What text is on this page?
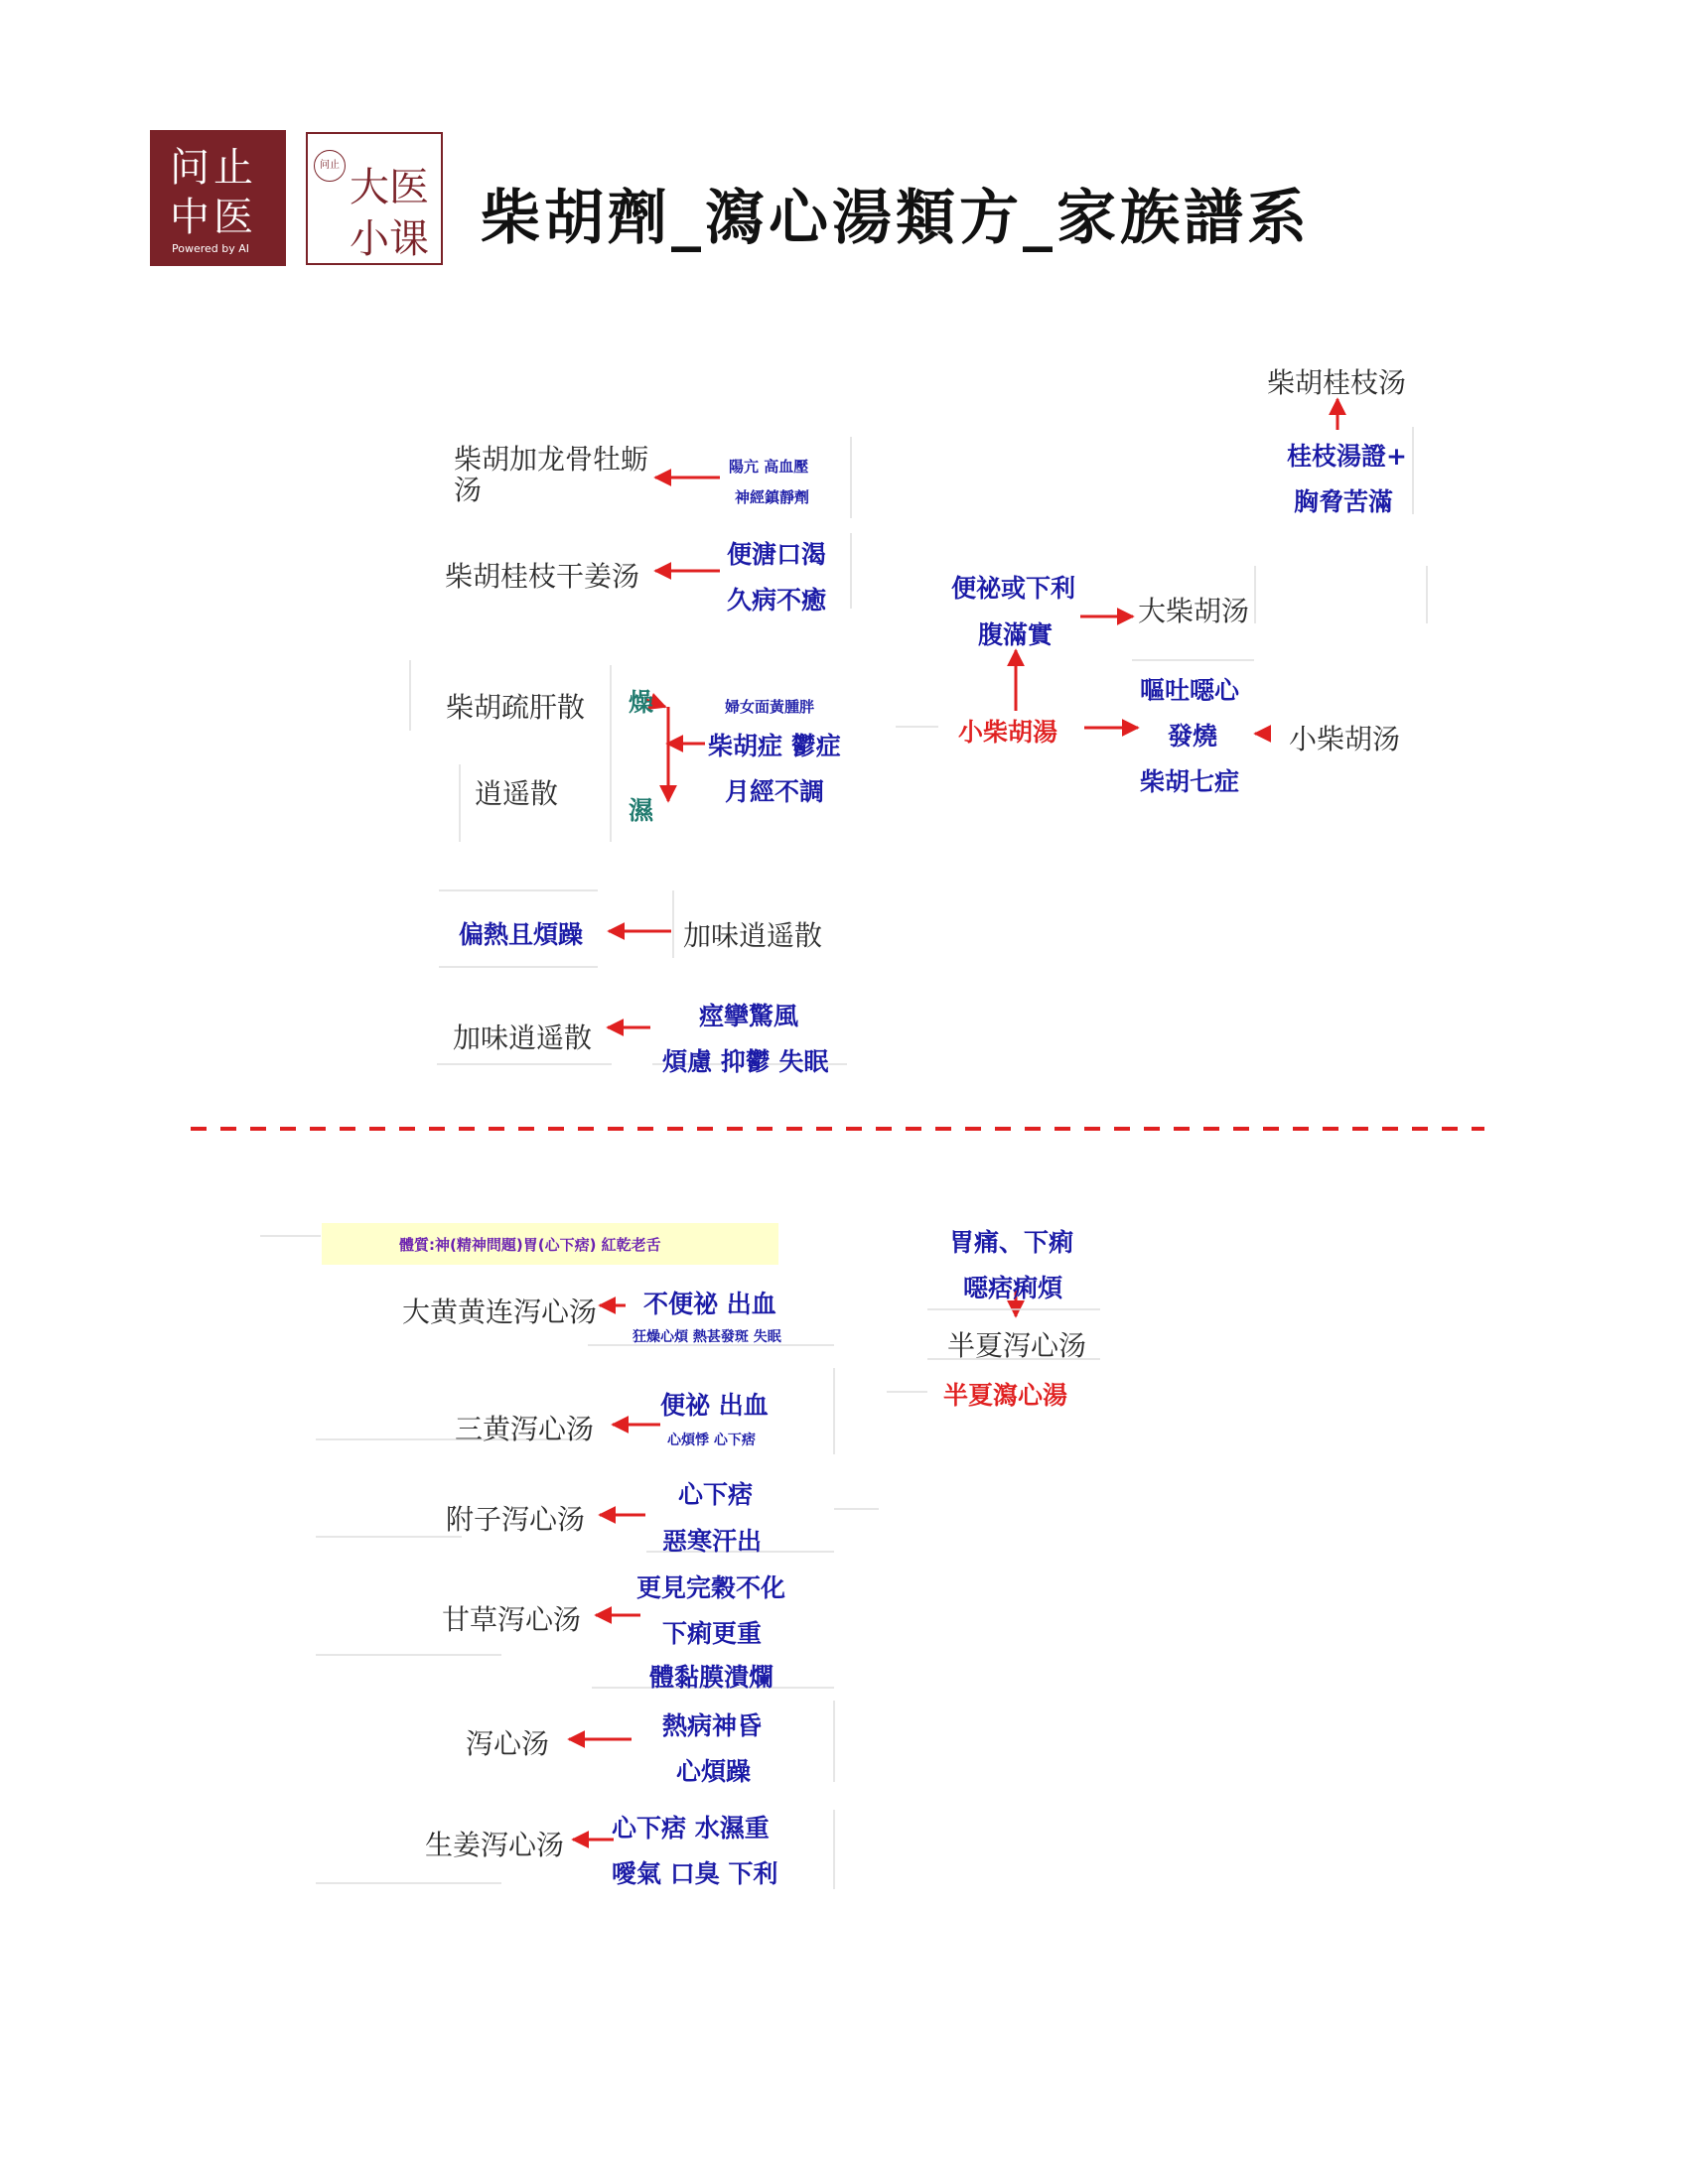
问止
中医
Powered by AI
问止 大医
小课 柴胡劑_瀉心湯類方_家族譜系
柴胡桂枝汤
桂枝湯證+
胸脅苦滿
柴胡加龙骨牡蛎
汤
陽亢 高血壓
神經鎮靜劑
柴胡桂枝干姜汤
便溏口渴
久病不癒	便祕或下利
腹滿實
大柴胡汤
柴胡疏肝散 燥
濕
婦女面黃腫胖
柴胡症 鬱症
月經不調
逍遥散
小柴胡湯
嘔吐噁心
發燒
柴胡七症
小柴胡汤
偏熱且煩躁	加味逍遥散
加味逍遥散
痙攣驚風
煩慮 抑鬱 失眠
體質:神(精神問題)胃(心下痞) 紅乾老舌
大黄黄连泻心汤 不便祕 出血
狂燥心煩 熱甚發斑 失眠
三黄泻心汤
便祕 出血
心煩悸 心下痞
附子泻心汤
心下痞
惡寒汗出
甘草泻心汤
更見完穀不化
下痢更重
體黏膜潰爛
泻心汤
熱病神昏
心煩躁
生姜泻心汤
心下痞 水濕重
噯氣 口臭 下利
胃痛、下痢
噁痞痢煩
半夏泻心汤
半夏瀉心湯
